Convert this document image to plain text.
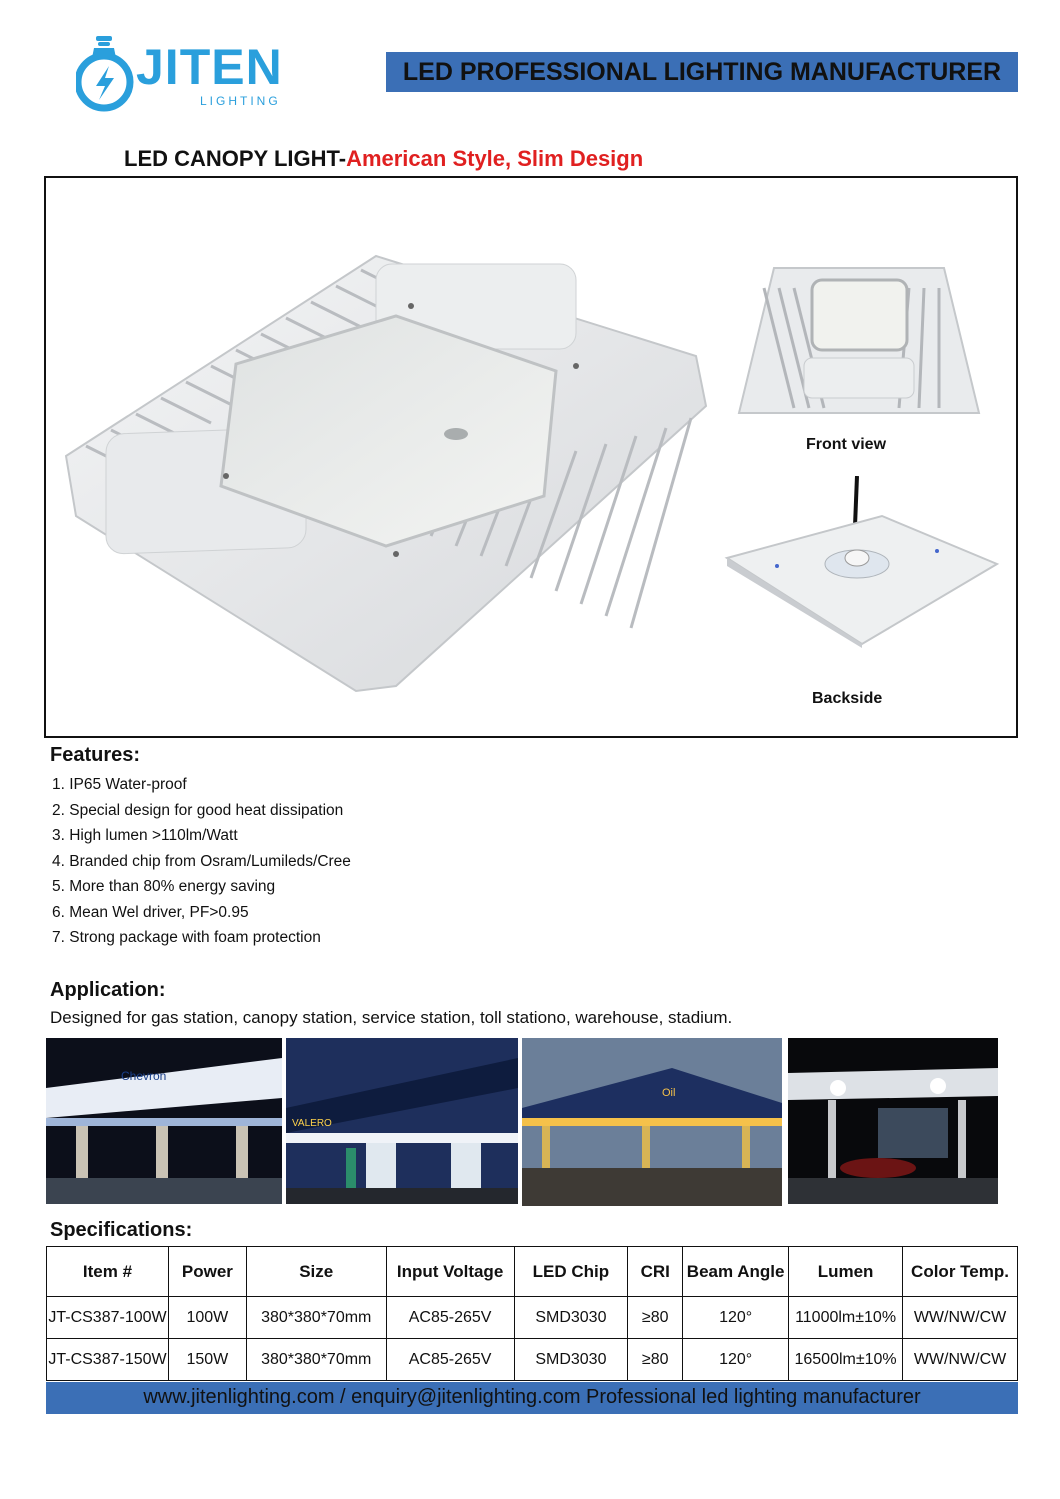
JITEN
LIGHTING
LED PROFESSIONAL LIGHTING MANUFACTURER
LED CANOPY LIGHT-American Style, Slim Design
Front view
Backside
Features:
1. IP65 Water-proof
2. Special design for good heat dissipation
3. High lumen >110lm/Watt
4. Branded chip from Osram/Lumileds/Cree
5. More than 80% energy saving
6. Mean Wel driver, PF>0.95
7. Strong package with foam protection
Application:
Designed for gas station, canopy station, service station, toll stationo, warehouse, stadium.
Chevron
VALERO
Oil
Specifications:
Item #	Power	Size	Input Voltage	LED Chip	CRI	Beam Angle	Lumen	Color Temp.
JT-CS387-100W	100W	380*380*70mm	AC85-265V	SMD3030	≥80	120°	11000lm±10%	WW/NW/CW
JT-CS387-150W	150W	380*380*70mm	AC85-265V	SMD3030	≥80	120°	16500lm±10%	WW/NW/CW
www.jitenlighting.com / enquiry@jitenlighting.com Professional led lighting manufacturer
